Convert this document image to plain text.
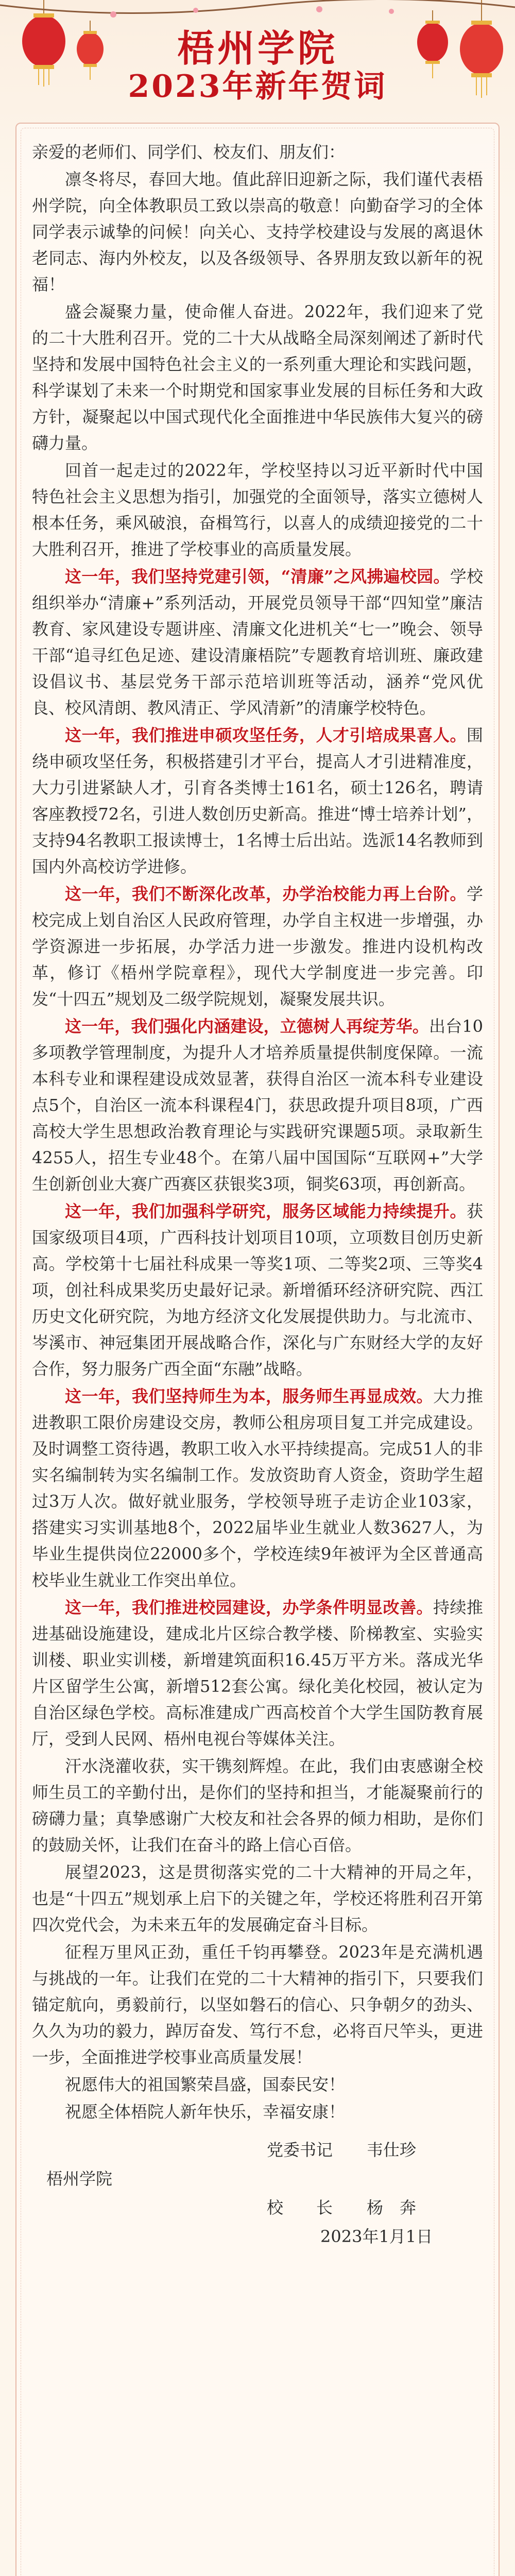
梧州学院
2023年新年贺词

亲爱的老师们、同学们、校友们、朋友们：

凛冬将尽，春回大地。值此辞旧迎新之际，我们谨代表梧州学院，向全体教职员工致以崇高的敬意！向勤奋学习的全体同学表示诚挚的问候！向关心、支持学校建设与发展的离退休老同志、海内外校友，以及各级领导、各界朋友致以新年的祝福！

盛会凝聚力量，使命催人奋进。2022年，我们迎来了党的二十大胜利召开。党的二十大从战略全局深刻阐述了新时代坚持和发展中国特色社会主义的一系列重大理论和实践问题，科学谋划了未来一个时期党和国家事业发展的目标任务和大政方针，凝聚起以中国式现代化全面推进中华民族伟大复兴的磅礴力量。

回首一起走过的2022年，学校坚持以习近平新时代中国特色社会主义思想为指引，加强党的全面领导，落实立德树人根本任务，乘风破浪，奋楫笃行，以喜人的成绩迎接党的二十大胜利召开，推进了学校事业的高质量发展。

这一年，我们坚持党建引领，“清廉”之风拂遍校园。学校组织举办“清廉+”系列活动，开展党员领导干部“四知堂”廉洁教育、家风建设专题讲座、清廉文化进机关“七一”晚会、领导干部“追寻红色足迹、建设清廉梧院”专题教育培训班、廉政建设倡议书、基层党务干部示范培训班等活动，涵养“党风优良、校风清朗、教风清正、学风清新”的清廉学校特色。

这一年，我们推进申硕攻坚任务，人才引培成果喜人。围绕申硕攻坚任务，积极搭建引才平台，提高人才引进精准度，大力引进紧缺人才，引育各类博士161名，硕士126名，聘请客座教授72名，引进人数创历史新高。推进“博士培养计划”，支持94名教职工报读博士，1名博士后出站。选派14名教师到国内外高校访学进修。

这一年，我们不断深化改革，办学治校能力再上台阶。学校完成上划自治区人民政府管理，办学自主权进一步增强，办学资源进一步拓展，办学活力进一步激发。推进内设机构改革，修订《梧州学院章程》，现代大学制度进一步完善。印发“十四五”规划及二级学院规划，凝聚发展共识。

这一年，我们强化内涵建设，立德树人再绽芳华。出台10多项教学管理制度，为提升人才培养质量提供制度保障。一流本科专业和课程建设成效显著，获得自治区一流本科专业建设点5个，自治区一流本科课程4门，获思政提升项目8项，广西高校大学生思想政治教育理论与实践研究课题5项。录取新生4255人，招生专业48个。在第八届中国国际“互联网+”大学生创新创业大赛广西赛区获银奖3项，铜奖63项，再创新高。

这一年，我们加强科学研究，服务区域能力持续提升。获国家级项目4项，广西科技计划项目10项，立项数目创历史新高。学校第十七届社科成果一等奖1项、二等奖2项、三等奖4项，创社科成果奖历史最好记录。新增循环经济研究院、西江历史文化研究院，为地方经济文化发展提供助力。与北流市、岑溪市、神冠集团开展战略合作，深化与广东财经大学的友好合作，努力服务广西全面“东融”战略。

这一年，我们坚持师生为本，服务师生再显成效。大力推进教职工限价房建设交房，教师公租房项目复工并完成建设。及时调整工资待遇，教职工收入水平持续提高。完成51人的非实名编制转为实名编制工作。发放资助育人资金，资助学生超过3万人次。做好就业服务，学校领导班子走访企业103家，搭建实习实训基地8个，2022届毕业生就业人数3627人，为毕业生提供岗位22000多个，学校连续9年被评为全区普通高校毕业生就业工作突出单位。

这一年，我们推进校园建设，办学条件明显改善。持续推进基础设施建设，建成北片区综合教学楼、阶梯教室、实验实训楼、职业实训楼，新增建筑面积16.45万平方米。落成光华片区留学生公寓，新增512套公寓。绿化美化校园，被认定为自治区绿色学校。高标准建成广西高校首个大学生国防教育展厅，受到人民网、梧州电视台等媒体关注。

汗水浇灌收获，实干镌刻辉煌。在此，我们由衷感谢全校师生员工的辛勤付出，是你们的坚持和担当，才能凝聚前行的磅礴力量；真挚感谢广大校友和社会各界的倾力相助，是你们的鼓励关怀，让我们在奋斗的路上信心百倍。

展望2023，这是贯彻落实党的二十大精神的开局之年，也是“十四五”规划承上启下的关键之年，学校还将胜利召开第四次党代会，为未来五年的发展确定奋斗目标。

征程万里风正劲，重任千钧再攀登。2023年是充满机遇与挑战的一年。让我们在党的二十大精神的指引下，只要我们锚定航向，勇毅前行，以坚如磐石的信心、只争朝夕的劲头、久久为功的毅力，踔厉奋发、笃行不怠，必将百尺竿头，更进一步，全面推进学校事业高质量发展！

祝愿伟大的祖国繁荣昌盛，国泰民安！

祝愿全体梧院人新年快乐，幸福安康！

党委书记 韦仕珍
梧州学院
校　　长 杨　奔
2023年1月1日
